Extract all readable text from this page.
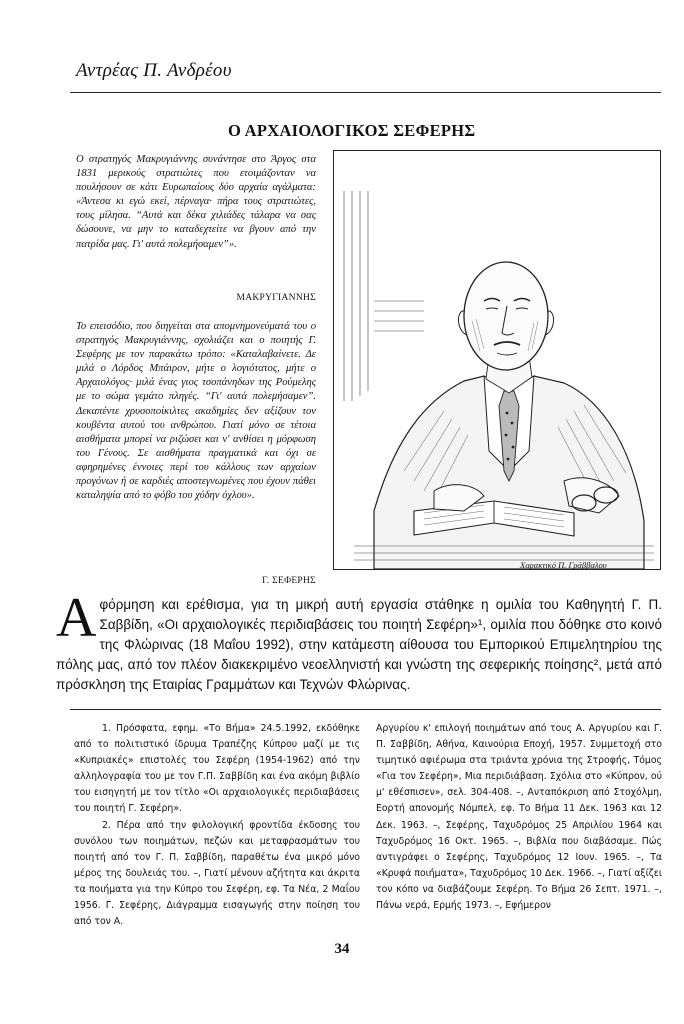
Αντρέας Π. Ανδρέου
Ο ΑΡΧΑΙΟΛΟΓΙΚΟΣ ΣΕΦΕΡΗΣ
Ο στρατηγός Μακρυγιάννης συνάντησε στο Άργος στα 1831 μερικούς στρατιώτες που ετοιμάζονταν να πουλήσουν σε κάτι Ευρωπαίους δύο αρχαία αγάλματα: «Άντεσα κι εγώ εκεί, πέρναγα· πήρα τους στρατιώτες, τους μίλησα. “Αυτά και δέκα χιλιάδες τάλαρα να σας δώσουνε, να μην το καταδεχτείτε να βγουν από την πατρίδα μας. Γι' αυτά πολεμήσαμεν”».
ΜΑΚΡΥΓΙΑΝΝΗΣ
Το επεισόδιο, που διηγείται στα απομνημονεύματά του ο στρατηγός Μακρυγιάννης, σχολιάζει και ο ποιητής Γ. Σεφέρης με τον παρακάτω τρόπο: «Καταλαβαίνετε. Δε μιλά ο Λόρδος Μπάιρον, μήτε ο λογιότατος, μήτε ο Αρχαιολόγος· μιλά ένας γιος τσοπάνηδων της Ρούμελης με το σώμα γεμάτο πληγές. “Γι' αυτά πολεμήσαμεν”. Δεκαπέντε χρυσοποίκιλτες ακαδημίες δεν αξίζουν τον κουβέντα αυτού του ανθρώπου. Γιατί μόνο σε τέτοια αισθήματα μπορεί να ριζώσει και ν' ανθίσει η μόρφωση του Γένους. Σε αισθήματα πραγματικά και όχι σε αφηρημένες έννοιες περί του κάλλους των αρχαίων προγόνων ή σε καρδιές αποστεγνωμένες που έχουν πάθει καταληψία από το φόβο του χύδην όχλου».
Γ. ΣΕΦΕΡΗΣ
Χαρακτικό Π. Γράββαλου
Αφόρμηση και ερέθισμα, για τη μικρή αυτή εργασία στάθηκε η ομιλία του Καθηγητή Γ. Π. Σαββίδη, «Οι αρχαιολογικές περιδιαβάσεις του ποιητή Σεφέρη»¹, ομιλία που δόθηκε στο κοινό της Φλώρινας (18 Μαΐου 1992), στην κατάμεστη αίθουσα του Εμπορικού Επιμελητηρίου της πόλης μας, από τον πλέον διακεκριμένο νεοελληνιστή και γνώστη της σεφερικής ποίησης², μετά από πρόσκληση της Εταιρίας Γραμμάτων και Τεχνών Φλώρινας.

1. Πρόσφατα, εφημ. «Το Βήμα» 24.5.1992, εκδόθηκε από το πολιτιστικό ίδρυμα Τραπέζης Κύπρου μαζί με τις «Κυπριακές» επιστολές του Σεφέρη (1954-1962) από την αλληλογραφία του με τον Γ.Π. Σαββίδη και ένα ακόμη βιβλίο του εισηγητή με τον τίτλο «Οι αρχαιολογικές περιδιαβάσεις του ποιητή Γ. Σεφέρη».

2. Πέρα από την φιλολογική φροντίδα έκδοσης του συνόλου των ποιημάτων, πεζών και μεταφρασμάτων του ποιητή από τον Γ. Π. Σαββίδη, παραθέτω ένα μικρό μόνο μέρος της δουλειάς του. –, Γιατί μένουν αζήτητα και άκριτα τα ποιήματα για την Κύπρο του Σεφέρη, εφ. Τα Νέα, 2 Μαΐου 1956. Γ. Σεφέρης, Διάγραμμα εισαγωγής στην ποίηση του από τον Α.

Αργυρίου κ' επιλογή ποιημάτων από τους Α. Αργυρίου και Γ. Π. Σαββίδη, Αθήνα, Καινούρια Εποχή, 1957. Συμμετοχή στο τιμητικό αφιέρωμα στα τριάντα χρόνια της Στροφής, Τόμος «Για τον Σεφέρη», Μια περιδιάβαση. Σχόλια στο «Κύπρον, ού μ' εθέσπισεν», σελ. 304-408. –, Ανταπόκριση από Στοχόλμη, Εορτή απονομής Νόμπελ, εφ. Το Βήμα 11 Δεκ. 1963 και 12 Δεκ. 1963. –, Σεφέρης, Ταχυδρόμος 25 Απριλίου 1964 και Ταχυδρόμος 16 Οκτ. 1965. –, Βιβλία που διαβάσαμε. Πώς αντιγράφει ο Σεφέρης, Ταχυδρόμος 12 Ιουν. 1965. –, Τα «Κρυφά ποιήματα», Ταχυδρόμος 10 Δεκ. 1966. –, Γιατί αξίζει τον κόπο να διαβάζουμε Σεφέρη. Το Βήμα 26 Σεπτ. 1971. –, Πάνω νερά, Ερμής 1973. –, Εφήμερον

34
